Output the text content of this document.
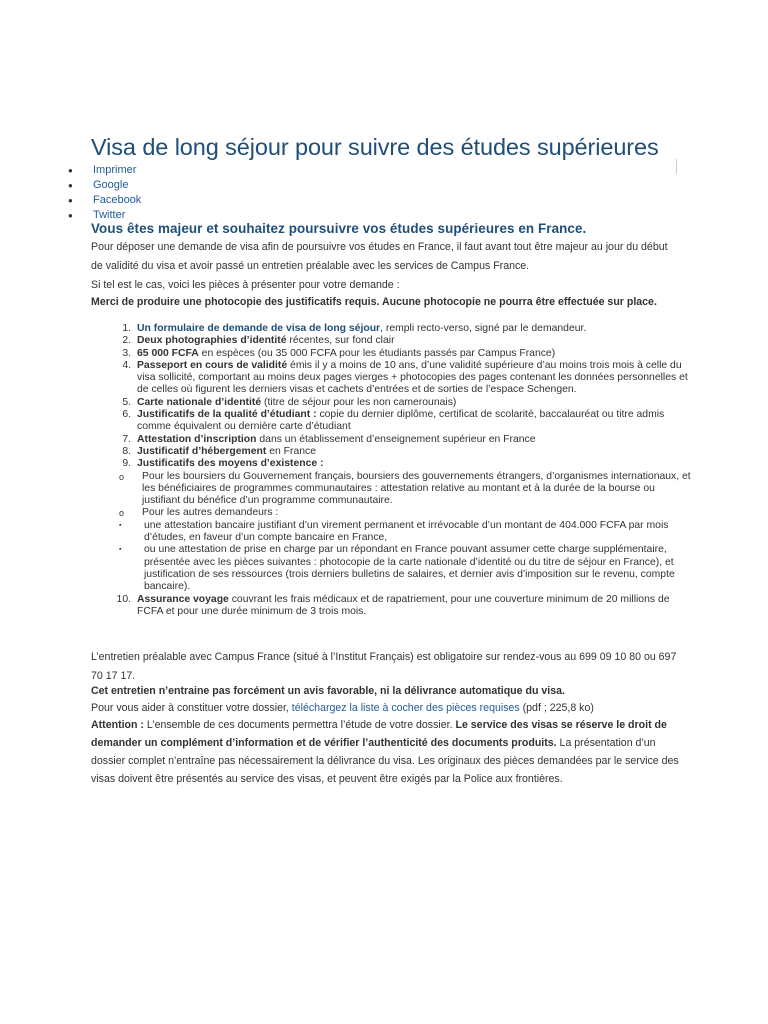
Visa de long séjour pour suivre des études supérieures
● Imprimer
● Google
● Facebook
● Twitter
Vous êtes majeur et souhaitez poursuivre vos études supérieures en France.

Pour déposer une demande de visa afin de poursuivre vos études en France, il faut avant tout être majeur au jour du début de validité du visa et avoir passé un entretien préalable avec les services de Campus France.

Si tel est le cas, voici les pièces à présenter pour votre demande :

Merci de produire une photocopie des justificatifs requis. Aucune photocopie ne pourra être effectuée sur place.

1. Un formulaire de demande de visa de long séjour, rempli recto-verso, signé par le demandeur.
2. Deux photographies d’identité récentes, sur fond clair
3. 65 000 FCFA en espèces (ou 35 000 FCFA pour les étudiants passés par Campus France)
4. Passeport en cours de validité émis il y a moins de 10 ans, d’une validité supérieure d’au moins trois mois à celle du visa sollicité, comportant au moins deux pages vierges + photocopies des pages contenant les données personnelles et de celles où figurent les derniers visas et cachets d’entrées et de sorties de l’espace Schengen.
5. Carte nationale d’identité (titre de séjour pour les non camerounais)
6. Justificatifs de la qualité d’étudiant : copie du dernier diplôme, certificat de scolarité, baccalauréat ou titre admis comme équivalent ou dernière carte d’étudiant
7. Attestation d’inscription dans un établissement d’enseignement supérieur en France
8. Justificatif d’hébergement en France
9. Justificatifs des moyens d’existence :
o Pour les boursiers du Gouvernement français, boursiers des gouvernements étrangers, d’organismes internationaux, et les bénéficiaires de programmes communautaires : attestation relative au montant et à la durée de la bourse ou justifiant du bénéfice d’un programme communautaire.
o Pour les autres demandeurs :
▪ une attestation bancaire justifiant d’un virement permanent et irrévocable d’un montant de 404.000 FCFA par mois d’études, en faveur d’un compte bancaire en France,
▪ ou une attestation de prise en charge par un répondant en France pouvant assumer cette charge supplémentaire, présentée avec les pièces suivantes : photocopie de la carte nationale d’identité ou du titre de séjour en France), et justification de ses ressources (trois derniers bulletins de salaires, et dernier avis d’imposition sur le revenu, compte bancaire).
10. Assurance voyage couvrant les frais médicaux et de rapatriement, pour une couverture minimum de 20 millions de FCFA et pour une durée minimum de 3 trois mois.

L’entretien préalable avec Campus France (situé à l’Institut Français) est obligatoire sur rendez-vous au 699 09 10 80 ou 697 70 17 17.

Cet entretien n’entraine pas forcément un avis favorable, ni la délivrance automatique du visa.

Pour vous aider à constituer votre dossier, téléchargez la liste à cocher des pièces requises (pdf ; 225,8 ko)

Attention : L’ensemble de ces documents permettra l’étude de votre dossier. Le service des visas se réserve le droit de demander un complément d’information et de vérifier l’authenticité des documents produits. La présentation d’un dossier complet n’entraîne pas nécessairement la délivrance du visa. Les originaux des pièces demandées par le service des visas doivent être présentés au service des visas, et peuvent être exigés par la Police aux frontières.
